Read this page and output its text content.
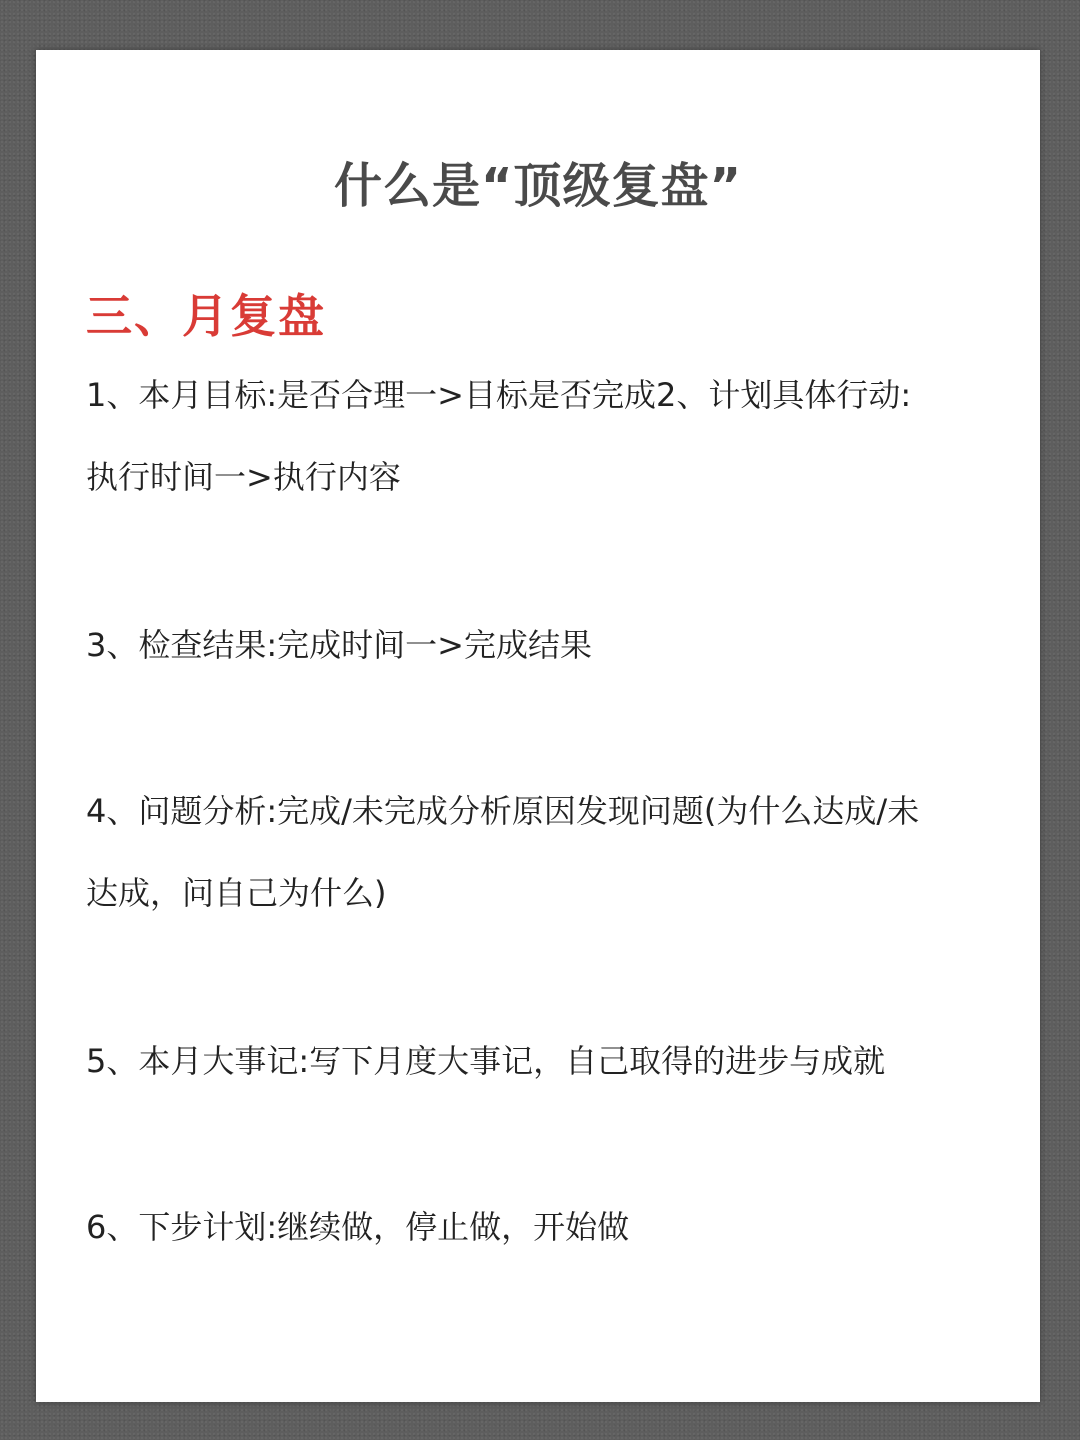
什么是“顶级复盘”
三、月复盘
1、本月目标:是否合理一>目标是否完成2、计划具体行动:
执行时间一>执行内容
3、检查结果:完成时间一>完成结果
4、问题分析:完成/未完成分析原因发现问题(为什么达成/未
达成，问自己为什么)
5、本月大事记:写下月度大事记，自己取得的进步与成就
6、下步计划:继续做，停止做，开始做
